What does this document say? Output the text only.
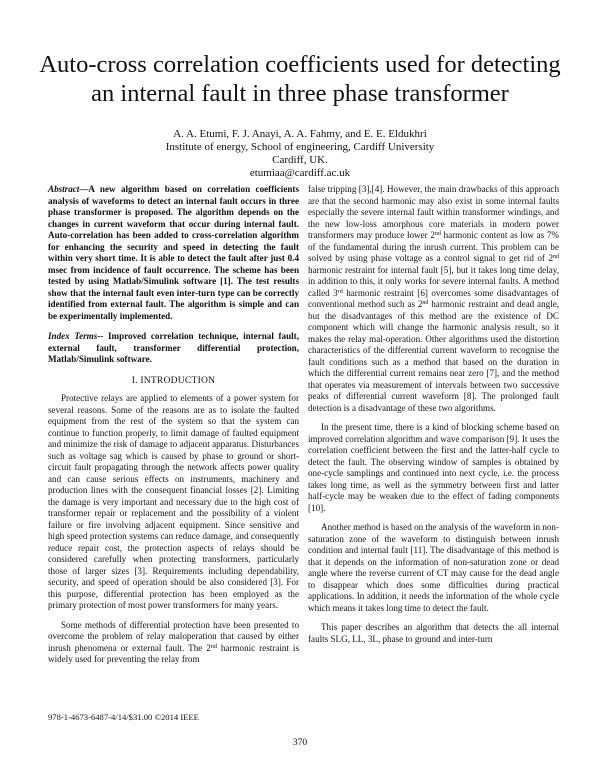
Auto-cross correlation coefficients used for detecting
an internal fault in three phase transformer
A. A. Etumi, F. J. Anayi, A. A. Fahmy, and E. E. Eldukhri
Institute of energy, School of engineering, Cardiff University
Cardiff, UK.
etumiaa@cardiff.ac.uk
Abstract—A new algorithm based on correlation coefficients analysis of waveforms to detect an internal fault occurs in three phase transformer is proposed. The algorithm depends on the changes in current waveform that occur during internal fault. Auto-correlation has been added to cross-correlation algorithm for enhancing the security and speed in detecting the fault within very short time. It is able to detect the fault after just 0.4 msec from incidence of fault occurrence. The scheme has been tested by using Matlab/Simulink software [1]. The test results show that the internal fault even inter-turn type can be correctly identified from external fault. The algorithm is simple and can be experimentally implemented.
Index Terms-- Improved correlation technique, internal fault, external fault, transformer differential protection, Matlab/Simulink software.
I. INTRODUCTION
Protective relays are applied to elements of a power system for several reasons. Some of the reasons are as to isolate the faulted equipment from the rest of the system so that the system can continue to function properly, to limit damage of faulted equipment and minimize the risk of damage to adjacent apparatus. Disturbances such as voltage sag which is caused by phase to ground or short-circuit fault propagating through the network affects power quality and can cause serious effects on instruments, machinery and production lines with the consequent financial losses [2]. Limiting the damage is very important and necessary due to the high cost of transformer repair or replacement and the possibility of a violent failure or fire involving adjacent equipment. Since sensitive and high speed protection systems can reduce damage, and consequently reduce repair cost, the protection aspects of relays should be considered carefully when protecting transformers, particularly those of larger sizes [3]. Requirements including dependability, security, and speed of operation should be also considered [3]. For this purpose, differential protection has been employed as the primary protection of most power transformers for many years.
Some methods of differential protection have been presented to overcome the problem of relay maloperation that caused by either inrush phenomena or external fault. The 2nd harmonic restraint is widely used for preventing the relay from
false tripping [3],[4]. However, the main drawbacks of this approach are that the second harmonic may also exist in some internal faults especially the severe internal fault within transformer windings, and the new low-loss amorphous core materials in modern power transformers may produce lower 2nd harmonic content as low as 7% of the fundamental during the inrush current. This problem can be solved by using phase voltage as a control signal to get rid of 2nd harmonic restraint for internal fault [5], but it takes long time delay, in addition to this, it only works for severe internal faults. A method called 3rd harmonic restraint [6] overcomes some disadvantages of conventional method such as 2nd harmonic restraint and dead angle, but the disadvantages of this method are the existence of DC component which will change the harmonic analysis result, so it makes the relay mal-operation. Other algorithms used the distortion characteristics of the differential current waveform to recognise the fault conditions such as a method that based on the duration in which the differential current remains near zero [7], and the method that operates via measurement of intervals between two successive peaks of differential current waveform [8]. The prolonged fault detection is a disadvantage of these two algorithms.
In the present time, there is a kind of blocking scheme based on improved correlation algorithm and wave comparison [9]. It uses the correlation coefficient between the first and the latter-half cycle to detect the fault. The observing window of samples is obtained by one-cycle samplings and continued into next cycle, i.e. the process takes long time, as well as the symmetry between first and latter half-cycle may be weaken due to the effect of fading components [10].
Another method is based on the analysis of the waveform in non-saturation zone of the waveform to distinguish between inrush condition and internal fault [11]. The disadvantage of this method is that it depends on the information of non-saturation zone or dead angle where the reverse current of CT may cause for the dead angle to disappear which does some difficulties during practical applications. In addition, it needs the information of the whole cycle which means it takes long time to detect the fault.
This paper describes an algorithm that detects the all internal faults SLG, LL, 3L, phase to ground and inter-turn
978-1-4673-6487-4/14/$31.00 ©2014 IEEE
370
